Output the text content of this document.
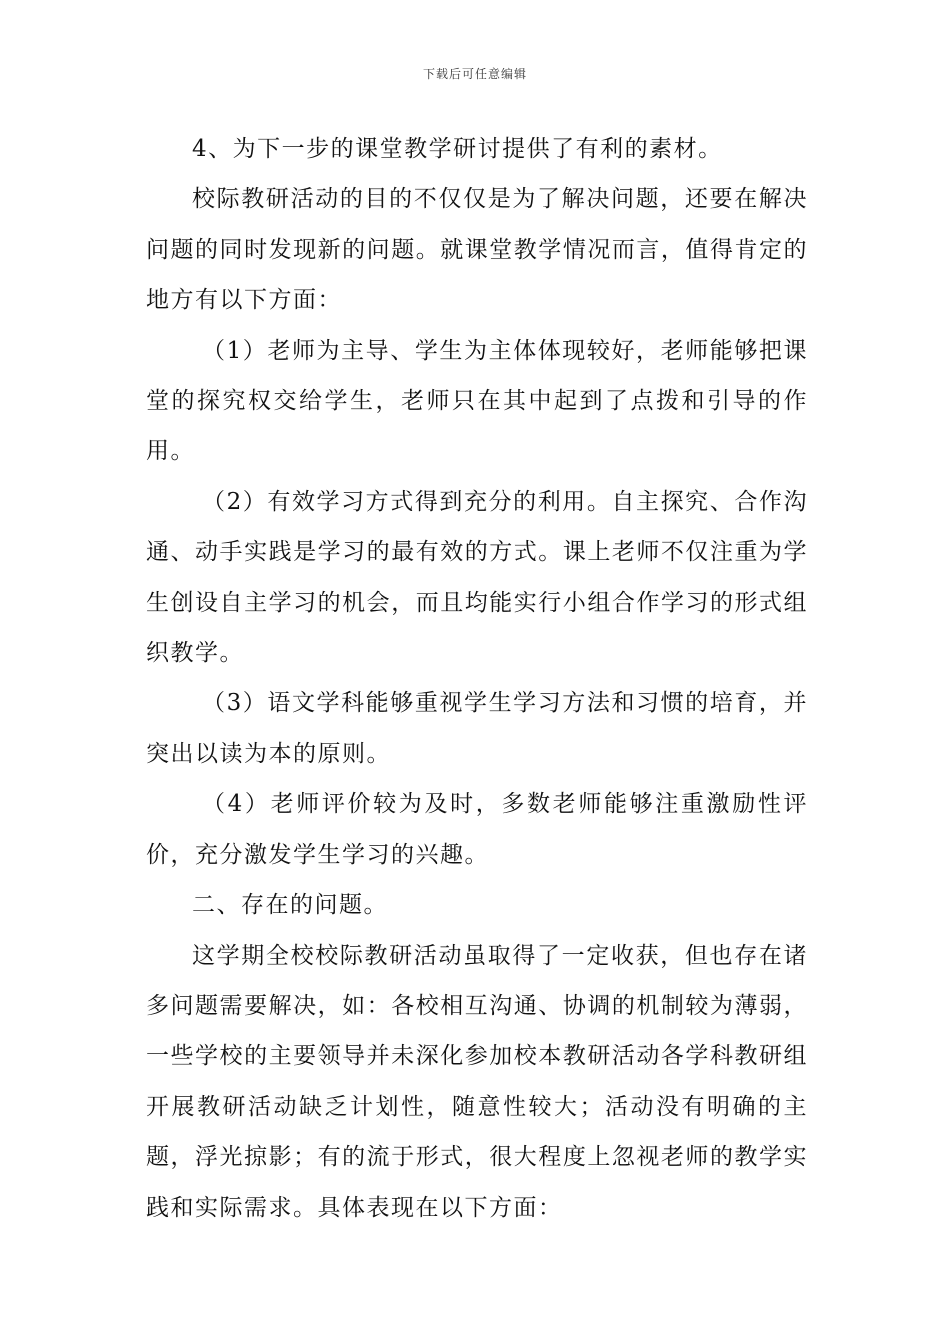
下载后可任意编辑

4、为下一步的课堂教学研讨提供了有利的素材。

校际教研活动的目的不仅仅是为了解决问题，还要在解决问题的同时发现新的问题。就课堂教学情况而言，值得肯定的地方有以下方面：

（1）老师为主导、学生为主体体现较好，老师能够把课堂的探究权交给学生，老师只在其中起到了点拨和引导的作用。

（2）有效学习方式得到充分的利用。自主探究、合作沟通、动手实践是学习的最有效的方式。课上老师不仅注重为学生创设自主学习的机会，而且均能实行小组合作学习的形式组织教学。

（3）语文学科能够重视学生学习方法和习惯的培育，并突出以读为本的原则。

（4）老师评价较为及时，多数老师能够注重激励性评价，充分激发学生学习的兴趣。

二、存在的问题。

这学期全校校际教研活动虽取得了一定收获，但也存在诸多问题需要解决，如：各校相互沟通、协调的机制较为薄弱，一些学校的主要领导并未深化参加校本教研活动各学科教研组开展教研活动缺乏计划性，随意性较大；活动没有明确的主题，浮光掠影；有的流于形式，很大程度上忽视老师的教学实践和实际需求。具体表现在以下方面：
